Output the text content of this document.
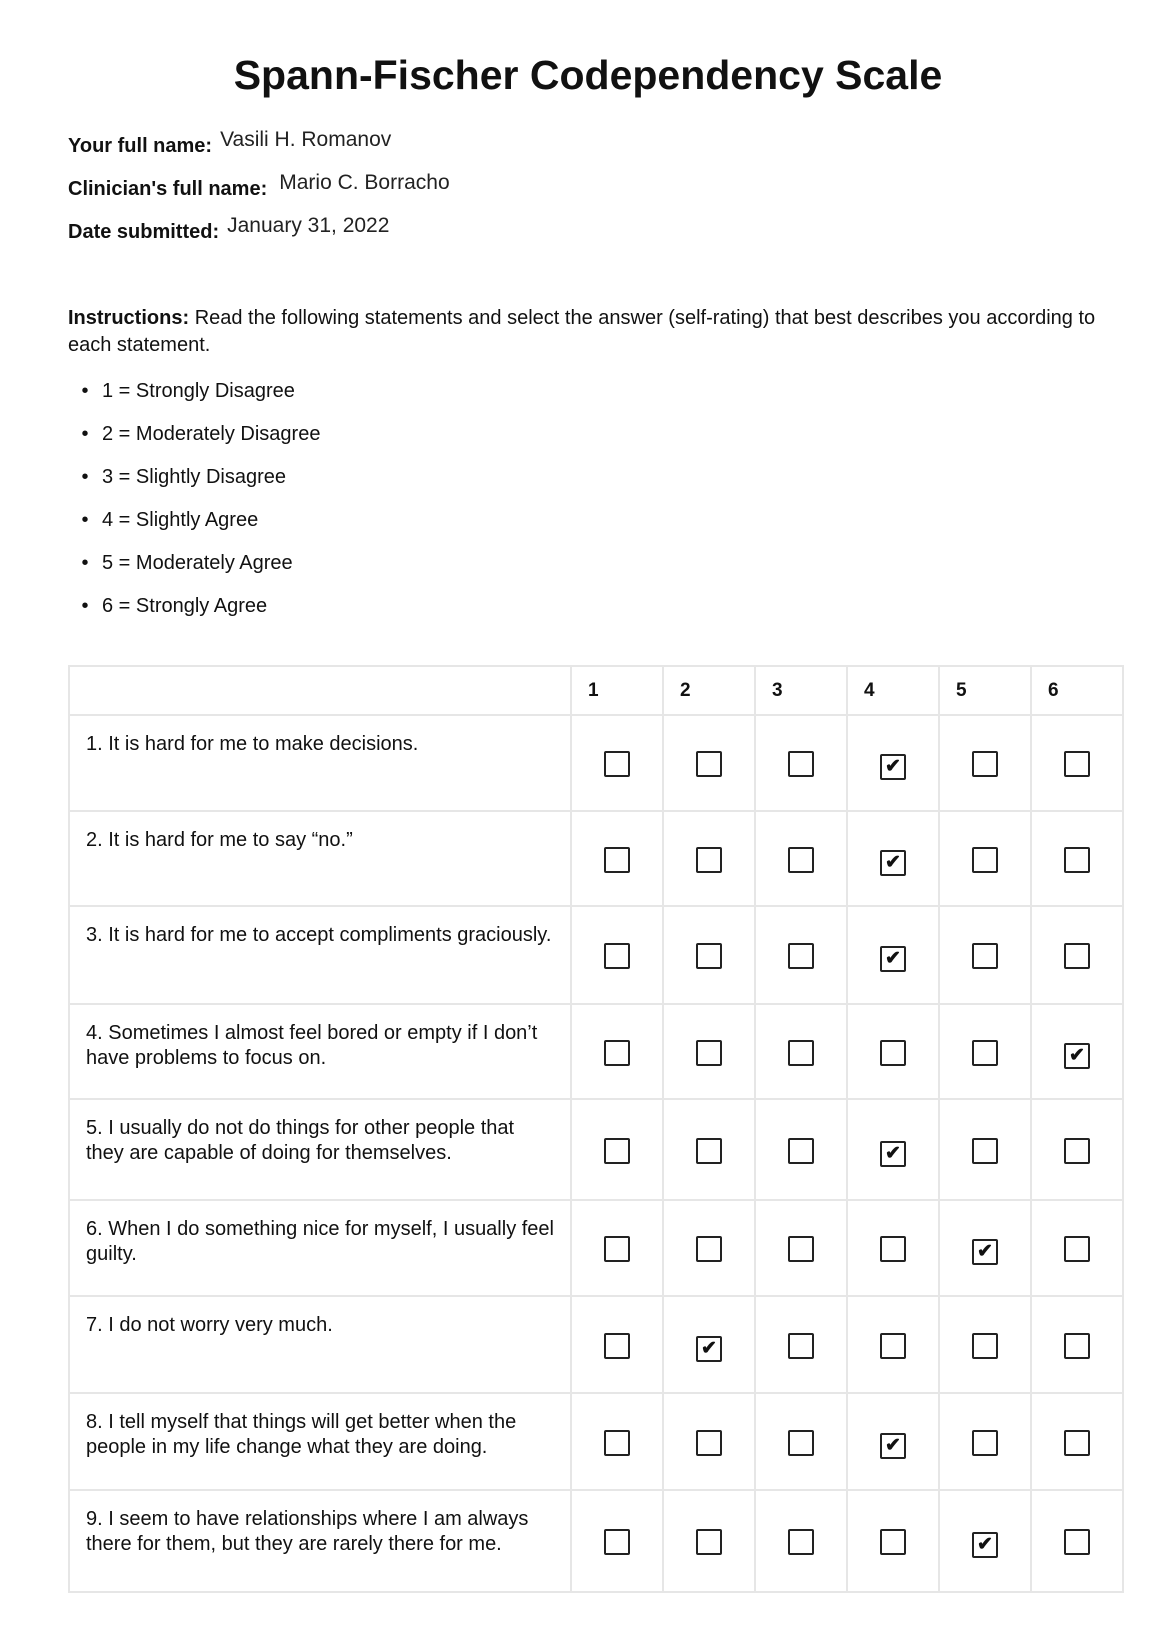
Spann-Fischer Codependency Scale
Your full name: Vasili H. Romanov
Clinician's full name: Mario C. Borracho
Date submitted: January 31, 2022
Instructions: Read the following statements and select the answer (self-rating) that best describes you according to each statement.
• 1 = Strongly Disagree
• 2 = Moderately Disagree
• 3 = Slightly Disagree
• 4 = Slightly Agree
• 5 = Moderately Agree
• 6 = Strongly Agree
	1	2	3	4	5	6
1. It is hard for me to make decisions.				✔		
2. It is hard for me to say “no.”				✔		
3. It is hard for me to accept compliments graciously.				✔		
4. Sometimes I almost feel bored or empty if I don’t have problems to focus on.						✔
5. I usually do not do things for other people that they are capable of doing for themselves.				✔		
6. When I do something nice for myself, I usually feel guilty.					✔	
7. I do not worry very much.		✔				
8. I tell myself that things will get better when the people in my life change what they are doing.				✔		
9. I seem to have relationships where I am always there for them, but they are rarely there for me.					✔	
